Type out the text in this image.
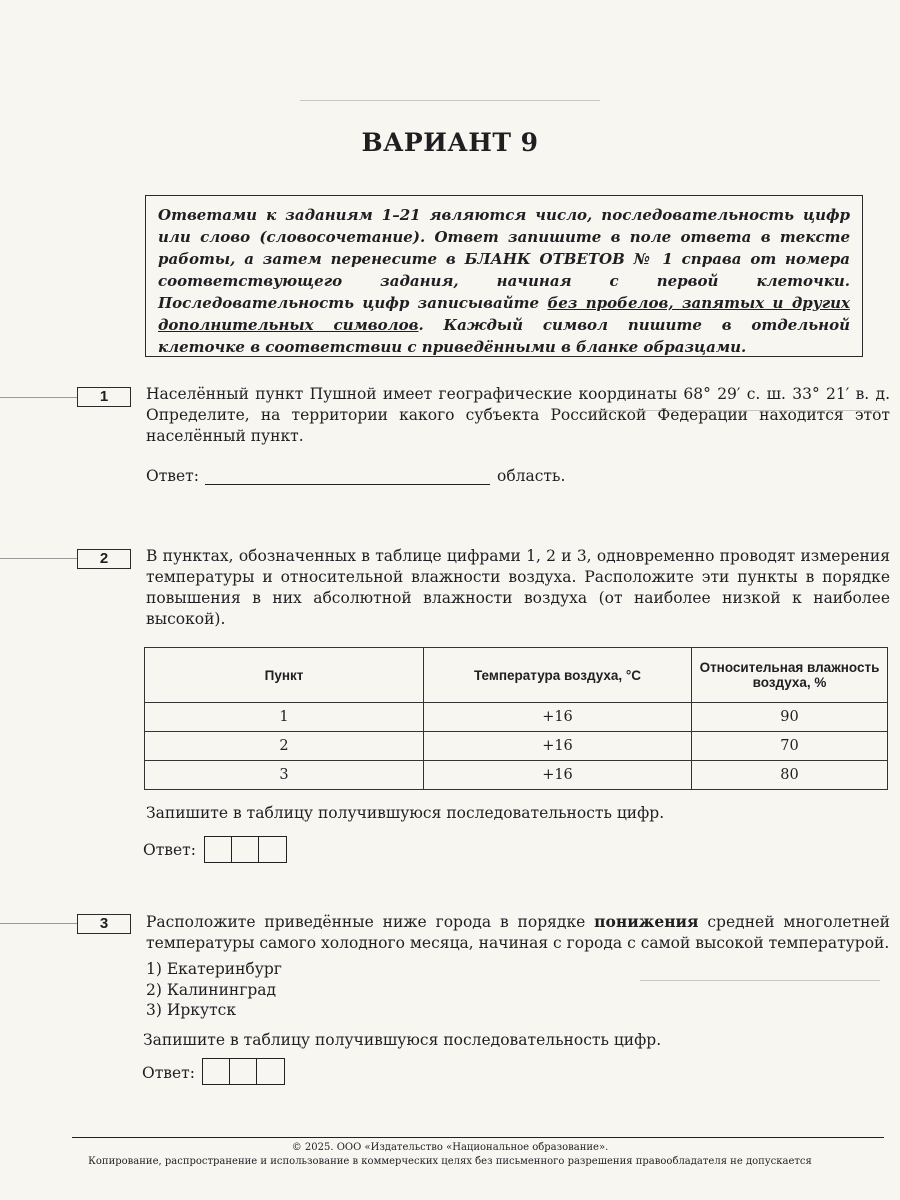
ВАРИАНТ 9
Ответами к заданиям 1–21 являются число, последовательность цифр или слово (словосочетание). Ответ запишите в поле ответа в тексте работы, а затем перенесите в БЛАНК ОТВЕТОВ № 1 справа от номера соответствующего задания, начиная с первой клеточки. Последовательность цифр записывайте без пробелов, запятых и других дополнительных символов. Каждый символ пишите в отдельной клеточке в соответствии с приведёнными в бланке образцами.
1	Населённый пункт Пушной имеет географические координаты 68° 29′ с. ш. 33° 21′ в. д. Определите, на территории какого субъекта Российской Федерации находится этот населённый пункт.
Ответ:	область.
2	В пунктах, обозначенных в таблице цифрами 1, 2 и 3, одновременно проводят измерения температуры и относительной влажности воздуха. Расположите эти пункты в порядке повышения в них абсолютной влажности воздуха (от наиболее низкой к наиболее высокой).
Пункт	Температура воздуха, °С	Относительная влажность воздуха, %
1	+16	90
2	+16	70
3	+16	80
Запишите в таблицу получившуюся последовательность цифр.
Ответ:
3	Расположите приведённые ниже города в порядке понижения средней многолетней температуры самого холодного месяца, начиная с города с самой высокой температурой.
1) Екатеринбург
2) Калининград
3) Иркутск
Запишите в таблицу получившуюся последовательность цифр.
Ответ:
© 2025. ООО «Издательство «Национальное образование».
Копирование, распространение и использование в коммерческих целях без письменного разрешения правообладателя не допускается
